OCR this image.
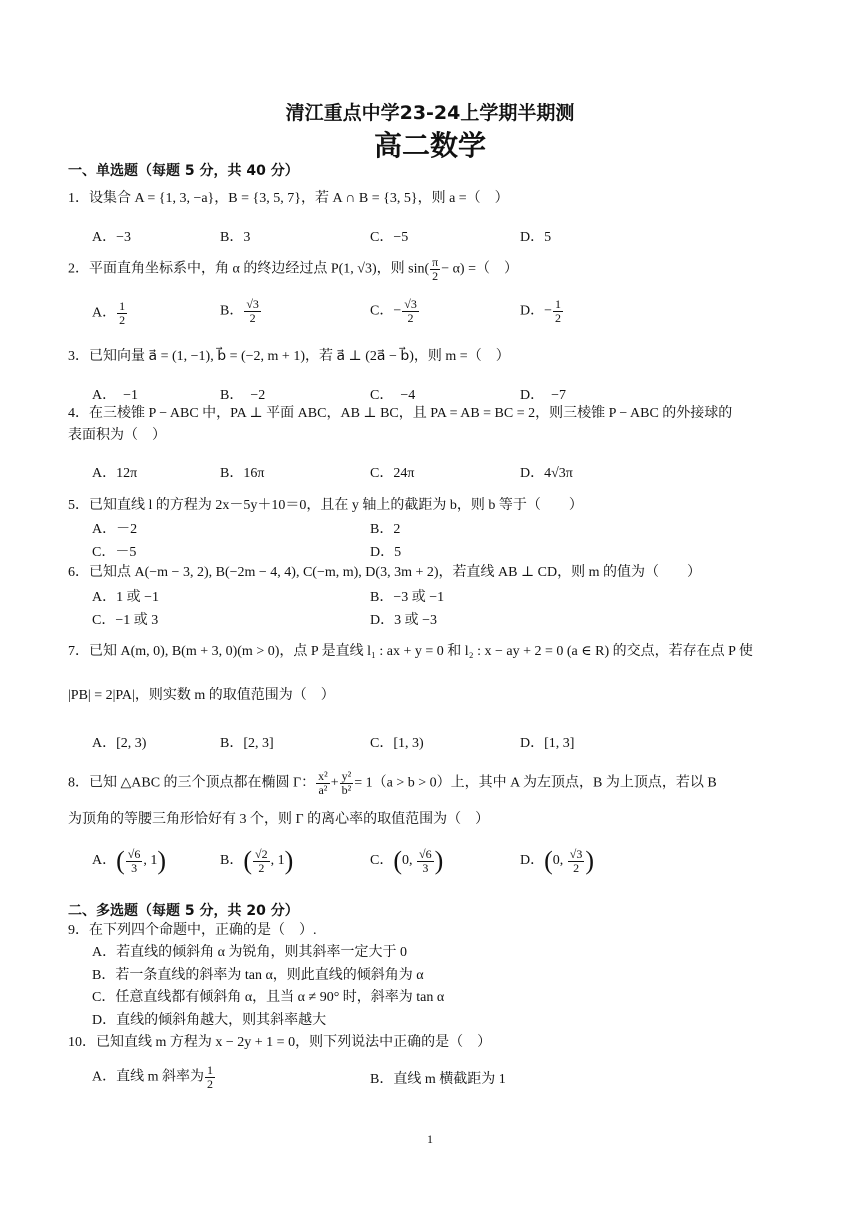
清江重点中学23-24上学期半期测
高二数学
一、单选题（每题 5 分，共 40 分）
1．设集合 A = {1, 3, −a}，B = {3, 5, 7}，若 A ∩ B = {3, 5}，则 a =（　）
A．−3	B．3	C．−5	D．5
2．平面直角坐标系中，角 α 的终边经过点 P(1, √3)，则 $\sin( \frac{\pi}{2} - \alpha)$ =（　）
A． $\frac{1}{2}$	B． $\frac{√3}{2}$	C．− $\frac{√3}{2}$	D．− $\frac{1}{2}$
3．已知向量 a⃗ = (1, −1), b⃗ = (−2, m + 1)，若 a⃗ ⊥ (2a⃗ − b⃗)，则 m =（　）
A．　−1	B．　−2	C．　−4	D．　−7
4．在三棱锥 P − ABC 中，PA ⊥ 平面 ABC，AB ⊥ BC，且 PA = AB = BC = 2，则三棱锥 P − ABC 的外接球的
表面积为（　）
A．12π	B．16π	C．24π	D．4√3π
5．已知直线 l 的方程为 2x－5y＋10＝0，且在 y 轴上的截距为 b，则 b 等于（　　）
A．－2	B．2
C．－5	D．5
6．已知点 A(−m − 3, 2), B(−2m − 4, 4), C(−m, m), D(3, 3m + 2)，若直线 AB ⊥ CD，则 m 的值为（　　）
A．1 或 −1	B．−3 或 −1
C．−1 或 3	D．3 或 −3
7．已知 A(m, 0), B(m + 3, 0)(m > 0)，点 P 是直线 l₁ : ax + y = 0 和 l₂ : x − ay + 2 = 0 (a ∈ R) 的交点，若存在点 P 使
|PB| = 2|PA|，则实数 m 的取值范围为（　）
A．[2, 3)	B．[2, 3]	C．[1, 3)	D．[1, 3]
8．已知 △ABC 的三个顶点都在椭圆 Γ： $\frac{\text{x²}}{\text{a²}} + \frac{\text{y²}}{\text{b²}} = 1(a > b > 0)$上，其中 A 为左顶点，B 为上顶点，若以 B
为顶角的等腰三角形恰好有 3 个，则 Γ 的离心率的取值范围为（　）
A．( $\frac{√6}{3}$ , 1)	B．( $\frac{√2}{2}$ , 1)	C．(0, $\frac{√6}{3}$ )	D．(0, $\frac{√3}{2}$ )
二、多选题（每题 5 分，共 20 分）
9．在下列四个命题中，正确的是（　）.
A．若直线的倾斜角 α 为锐角，则其斜率一定大于 0
B．若一条直线的斜率为 tan α，则此直线的倾斜角为 α
C．任意直线都有倾斜角 α，且当 α ≠ 90° 时，斜率为 tan α
D．直线的倾斜角越大，则其斜率越大
10．已知直线 m 方程为 x − 2y + 1 = 0，则下列说法中正确的是（　）
A．直线 m 斜率为 $\frac{1}{2}$	B．直线 m 横截距为 1
1
